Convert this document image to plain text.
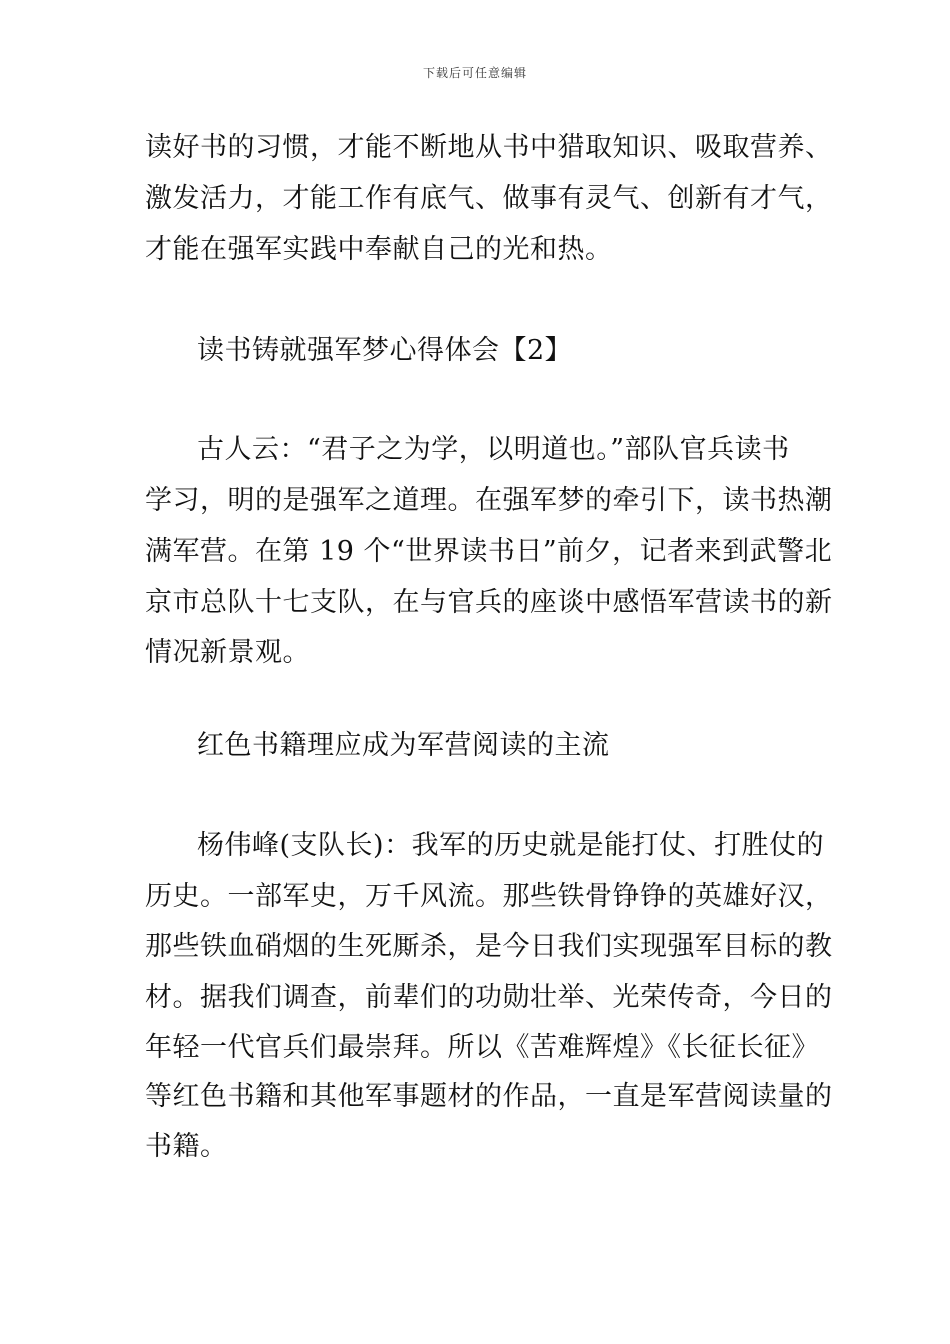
下载后可任意编辑
读好书的习惯，才能不断地从书中猎取知识、吸取营养、
激发活力，才能工作有底气、做事有灵气、创新有才气，
才能在强军实践中奉献自己的光和热。
读书铸就强军梦心得体会【2】
古人云：“君子之为学，以明道也。”部队官兵读书
学习，明的是强军之道理。在强军梦的牵引下，读书热潮
满军营。在第 19 个“世界读书日”前夕，记者来到武警北
京市总队十七支队，在与官兵的座谈中感悟军营读书的新
情况新景观。
红色书籍理应成为军营阅读的主流
杨伟峰(支队长)：我军的历史就是能打仗、打胜仗的
历史。一部军史，万千风流。那些铁骨铮铮的英雄好汉，
那些铁血硝烟的生死厮杀，是今日我们实现强军目标的教
材。据我们调查，前辈们的功勋壮举、光荣传奇，今日的
年轻一代官兵们最崇拜。所以《苦难辉煌》《长征长征》
等红色书籍和其他军事题材的作品，一直是军营阅读量的
书籍。
